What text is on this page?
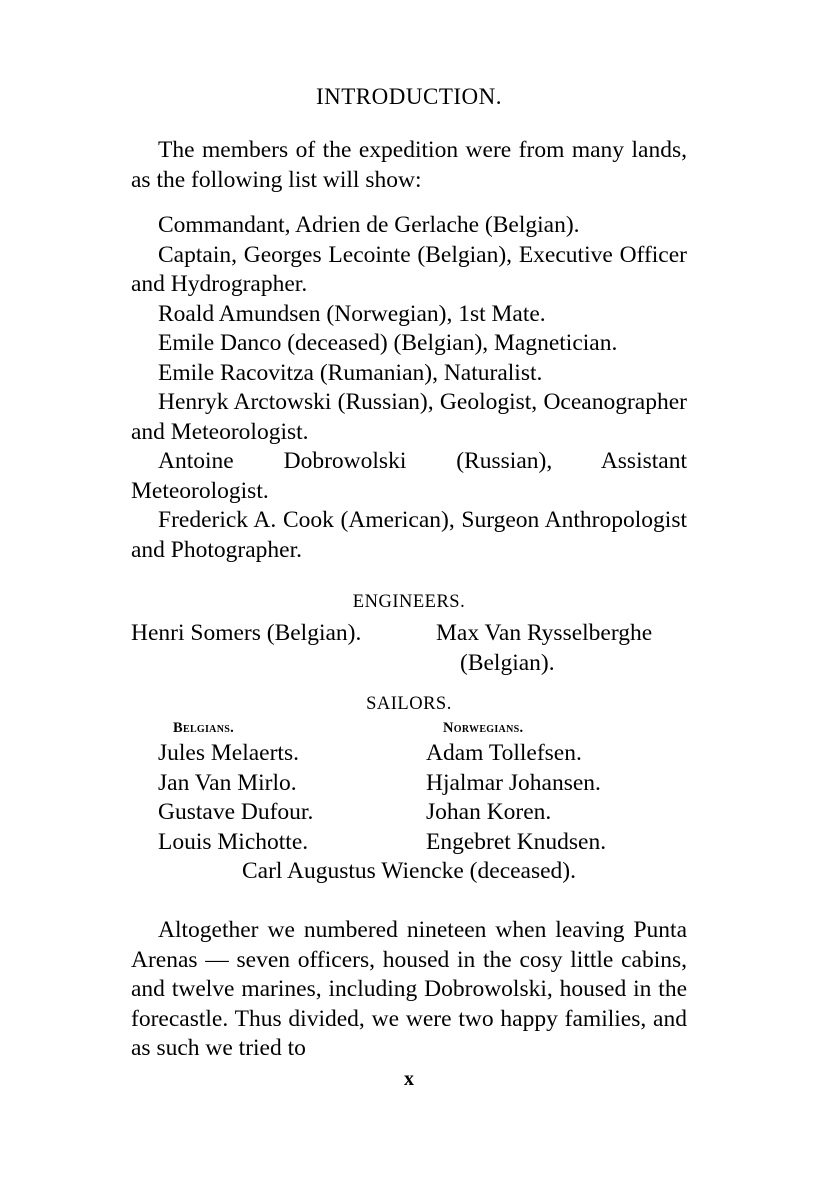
INTRODUCTION.
The members of the expedition were from many lands, as the following list will show:

Commandant, Adrien de Gerlache (Belgian).

Captain, Georges Lecointe (Belgian), Executive Officer and Hydrographer.

Roald Amundsen (Norwegian), 1st Mate.

Emile Danco (deceased) (Belgian), Magnetician.

Emile Racovitza (Rumanian), Naturalist.

Henryk Arctowski (Russian), Geologist, Oceanographer and Meteorologist.

Antoine Dobrowolski (Russian), Assistant Meteorologist.

Frederick A. Cook (American), Surgeon Anthropologist and Photographer.

ENGINEERS.
Henri Somers (Belgian).	Max Van Rysselberghe
(Belgian).
SAILORS.
Belgians.	Norwegians.
Jules Melaerts.
Jan Van Mirlo.
Gustave Dufour.
Louis Michotte.
Adam Tollefsen.
Hjalmar Johansen.
Johan Koren.
Engebret Knudsen.
Carl Augustus Wiencke (deceased).
Altogether we numbered nineteen when leaving Punta Arenas — seven officers, housed in the cosy little cabins, and twelve marines, including Dobrowolski, housed in the forecastle. Thus divided, we were two happy families, and as such we tried to
x
